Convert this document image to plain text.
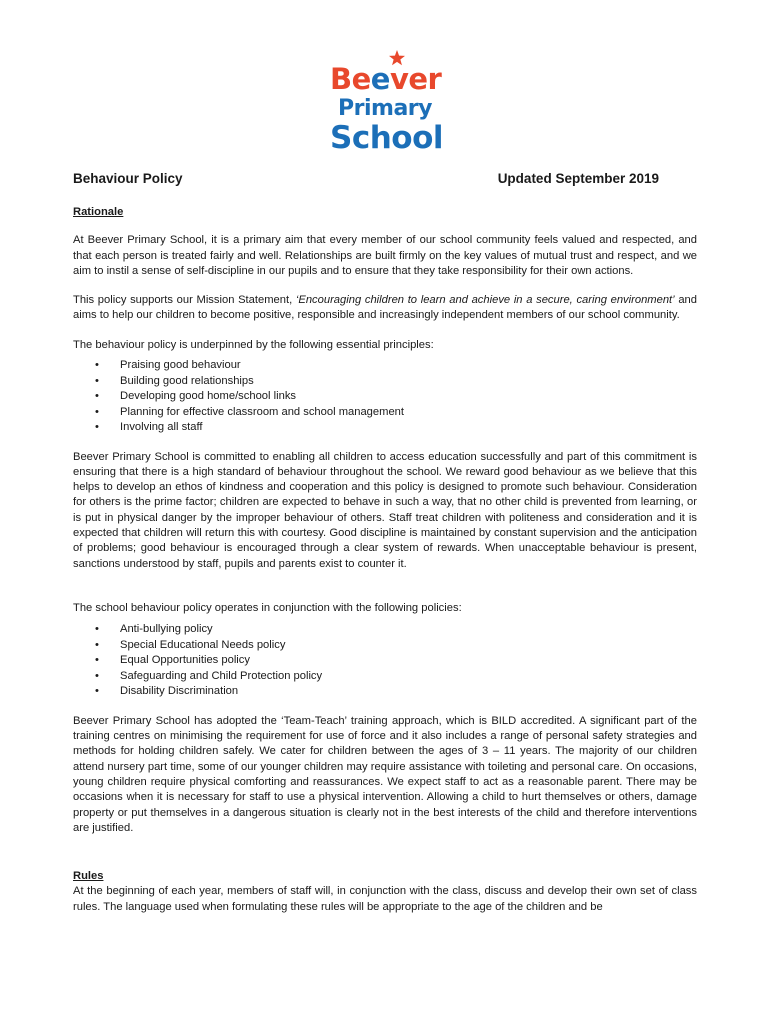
Beever
Primary
School
Behaviour Policy	Updated September 2019
Rationale

At Beever Primary School, it is a primary aim that every member of our school community feels valued and respected, and that each person is treated fairly and well. Relationships are built firmly on the key values of mutual trust and respect, and we aim to instil a sense of self-discipline in our pupils and to ensure that they take responsibility for their own actions.

This policy supports our Mission Statement, ‘Encouraging children to learn and achieve in a secure, caring environment’ and aims to help our children to become positive, responsible and increasingly independent members of our school community.

The behaviour policy is underpinned by the following essential principles:

• Praising good behaviour
• Building good relationships
• Developing good home/school links
• Planning for effective classroom and school management
• Involving all staff

Beever Primary School is committed to enabling all children to access education successfully and part of this commitment is ensuring that there is a high standard of behaviour throughout the school. We reward good behaviour as we believe that this helps to develop an ethos of kindness and cooperation and this policy is designed to promote such behaviour. Consideration for others is the prime factor; children are expected to behave in such a way, that no other child is prevented from learning, or is put in physical danger by the improper behaviour of others. Staff treat children with politeness and consideration and it is expected that children will return this with courtesy. Good discipline is maintained by constant supervision and the anticipation of problems; good behaviour is encouraged through a clear system of rewards. When unacceptable behaviour is present, sanctions understood by staff, pupils and parents exist to counter it.

The school behaviour policy operates in conjunction with the following policies:

• Anti-bullying policy
• Special Educational Needs policy
• Equal Opportunities policy
• Safeguarding and Child Protection policy
• Disability Discrimination

Beever Primary School has adopted the ‘Team-Teach’ training approach, which is BILD accredited. A significant part of the training centres on minimising the requirement for use of force and it also includes a range of personal safety strategies and methods for holding children safely. We cater for children between the ages of 3 – 11 years. The majority of our children attend nursery part time, some of our younger children may require assistance with toileting and personal care. On occasions, young children require physical comforting and reassurances. We expect staff to act as a reasonable parent. There may be occasions when it is necessary for staff to use a physical intervention. Allowing a child to hurt themselves or others, damage property or put themselves in a dangerous situation is clearly not in the best interests of the child and therefore interventions are justified.

Rules

At the beginning of each year, members of staff will, in conjunction with the class, discuss and develop their own set of class rules. The language used when formulating these rules will be appropriate to the age of the children and be
